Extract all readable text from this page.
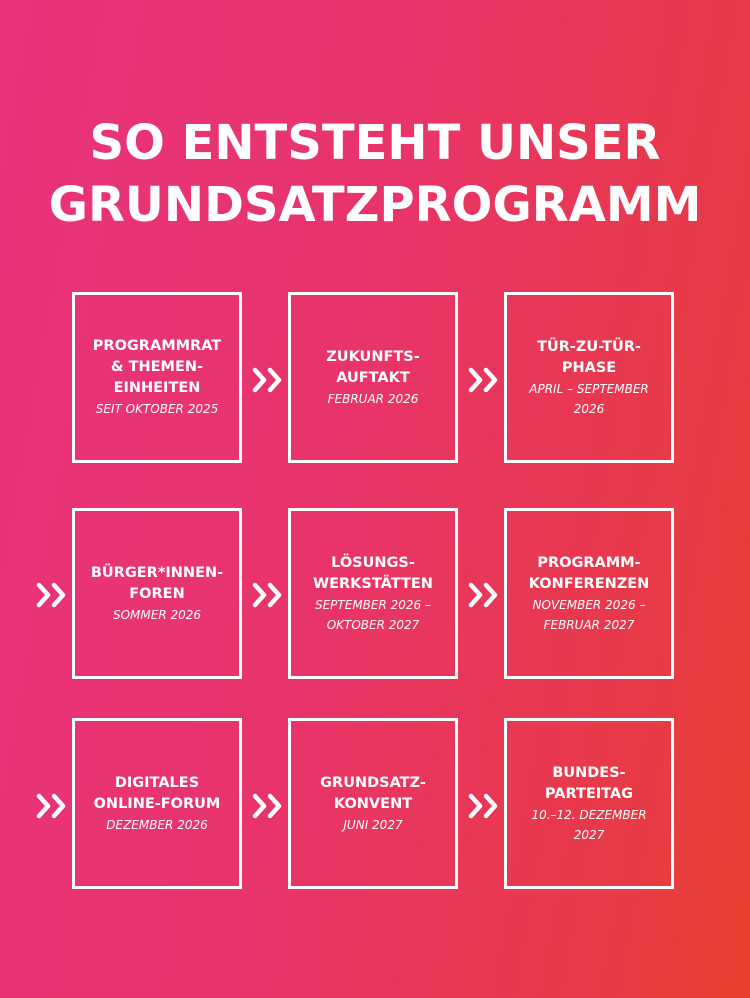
SO ENTSTEHT UNSER
GRUNDSATZPROGRAMM
PROGRAMMRAT
& THEMEN-
EINHEITEN
SEIT OKTOBER 2025
ZUKUNFTS-
AUFTAKT
FEBRUAR 2026
TÜR-ZU-TÜR-
PHASE
APRIL – SEPTEMBER
2026
BÜRGER*INNEN-
FOREN
SOMMER 2026
LÖSUNGS-
WERKSTÄTTEN
SEPTEMBER 2026 –
OKTOBER 2027
PROGRAMM-
KONFERENZEN
NOVEMBER 2026 –
FEBRUAR 2027
DIGITALES
ONLINE-FORUM
DEZEMBER 2026
GRUNDSATZ-
KONVENT
JUNI 2027
BUNDES-
PARTEITAG
10.–12. DEZEMBER
2027
